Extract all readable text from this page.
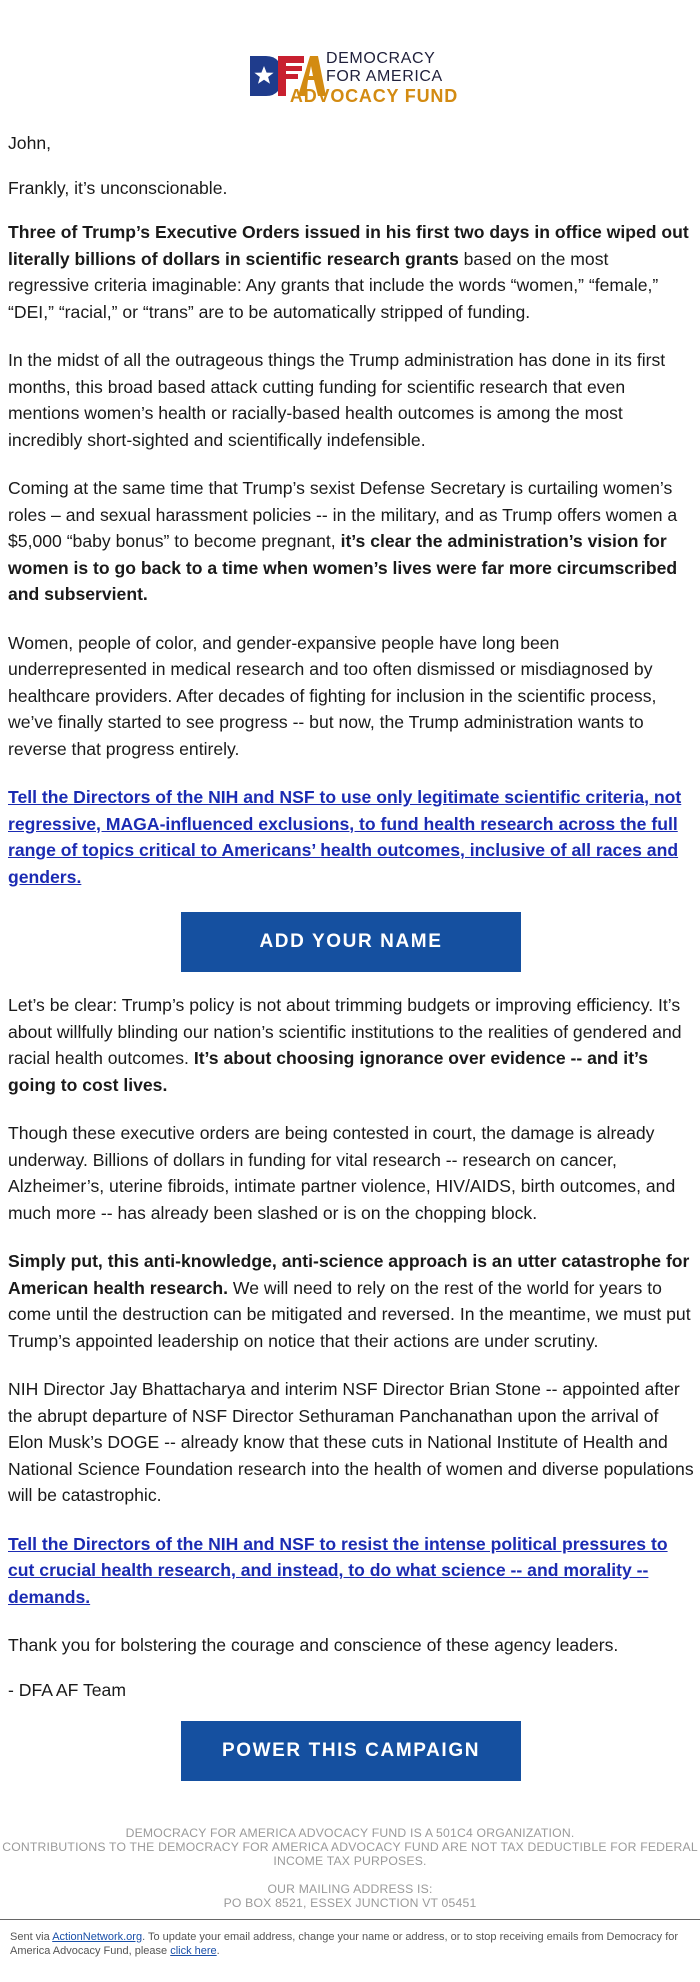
DEMOCRACY
FOR AMERICA
ADVOCACY FUND

John,

Frankly, it’s unconscionable.

Three of Trump’s Executive Orders issued in his first two days in office wiped out literally billions of dollars in scientific research grants based on the most regressive criteria imaginable: Any grants that include the words “women,” “female,” “DEI,” “racial,” or “trans” are to be automatically stripped of funding.

In the midst of all the outrageous things the Trump administration has done in its first months, this broad based attack cutting funding for scientific research that even mentions women’s health or racially-based health outcomes is among the most incredibly short-sighted and scientifically indefensible.

Coming at the same time that Trump’s sexist Defense Secretary is curtailing women’s roles – and sexual harassment policies -- in the military, and as Trump offers women a $5,000 “baby bonus” to become pregnant, it’s clear the administration’s vision for women is to go back to a time when women’s lives were far more circumscribed and subservient.

Women, people of color, and gender-expansive people have long been underrepresented in medical research and too often dismissed or misdiagnosed by healthcare providers. After decades of fighting for inclusion in the scientific process, we’ve finally started to see progress -- but now, the Trump administration wants to reverse that progress entirely.

Tell the Directors of the NIH and NSF to use only legitimate scientific criteria, not regressive, MAGA-influenced exclusions, to fund health research across the full range of topics critical to Americans’ health outcomes, inclusive of all races and genders.

ADD YOUR NAME

Let’s be clear: Trump’s policy is not about trimming budgets or improving efficiency. It’s about willfully blinding our nation’s scientific institutions to the realities of gendered and racial health outcomes. It’s about choosing ignorance over evidence -- and it’s going to cost lives.

Though these executive orders are being contested in court, the damage is already underway. Billions of dollars in funding for vital research -- research on cancer, Alzheimer’s, uterine fibroids, intimate partner violence, HIV/AIDS, birth outcomes, and much more -- has already been slashed or is on the chopping block.

Simply put, this anti-knowledge, anti-science approach is an utter catastrophe for American health research. We will need to rely on the rest of the world for years to come until the destruction can be mitigated and reversed. In the meantime, we must put Trump’s appointed leadership on notice that their actions are under scrutiny.

NIH Director Jay Bhattacharya and interim NSF Director Brian Stone -- appointed after the abrupt departure of NSF Director Sethuraman Panchanathan upon the arrival of Elon Musk’s DOGE -- already know that these cuts in National Institute of Health and National Science Foundation research into the health of women and diverse populations will be catastrophic.

Tell the Directors of the NIH and NSF to resist the intense political pressures to cut crucial health research, and instead, to do what science -- and morality -- demands.

Thank you for bolstering the courage and conscience of these agency leaders.

- DFA AF Team

POWER THIS CAMPAIGN

DEMOCRACY FOR AMERICA ADVOCACY FUND IS A 501C4 ORGANIZATION.
CONTRIBUTIONS TO THE DEMOCRACY FOR AMERICA ADVOCACY FUND ARE NOT TAX DEDUCTIBLE FOR FEDERAL INCOME TAX PURPOSES.

OUR MAILING ADDRESS IS:
PO BOX 8521, ESSEX JUNCTION VT 05451

Sent via ActionNetwork.org. To update your email address, change your name or address, or to stop receiving emails from Democracy for America Advocacy Fund, please click here.
